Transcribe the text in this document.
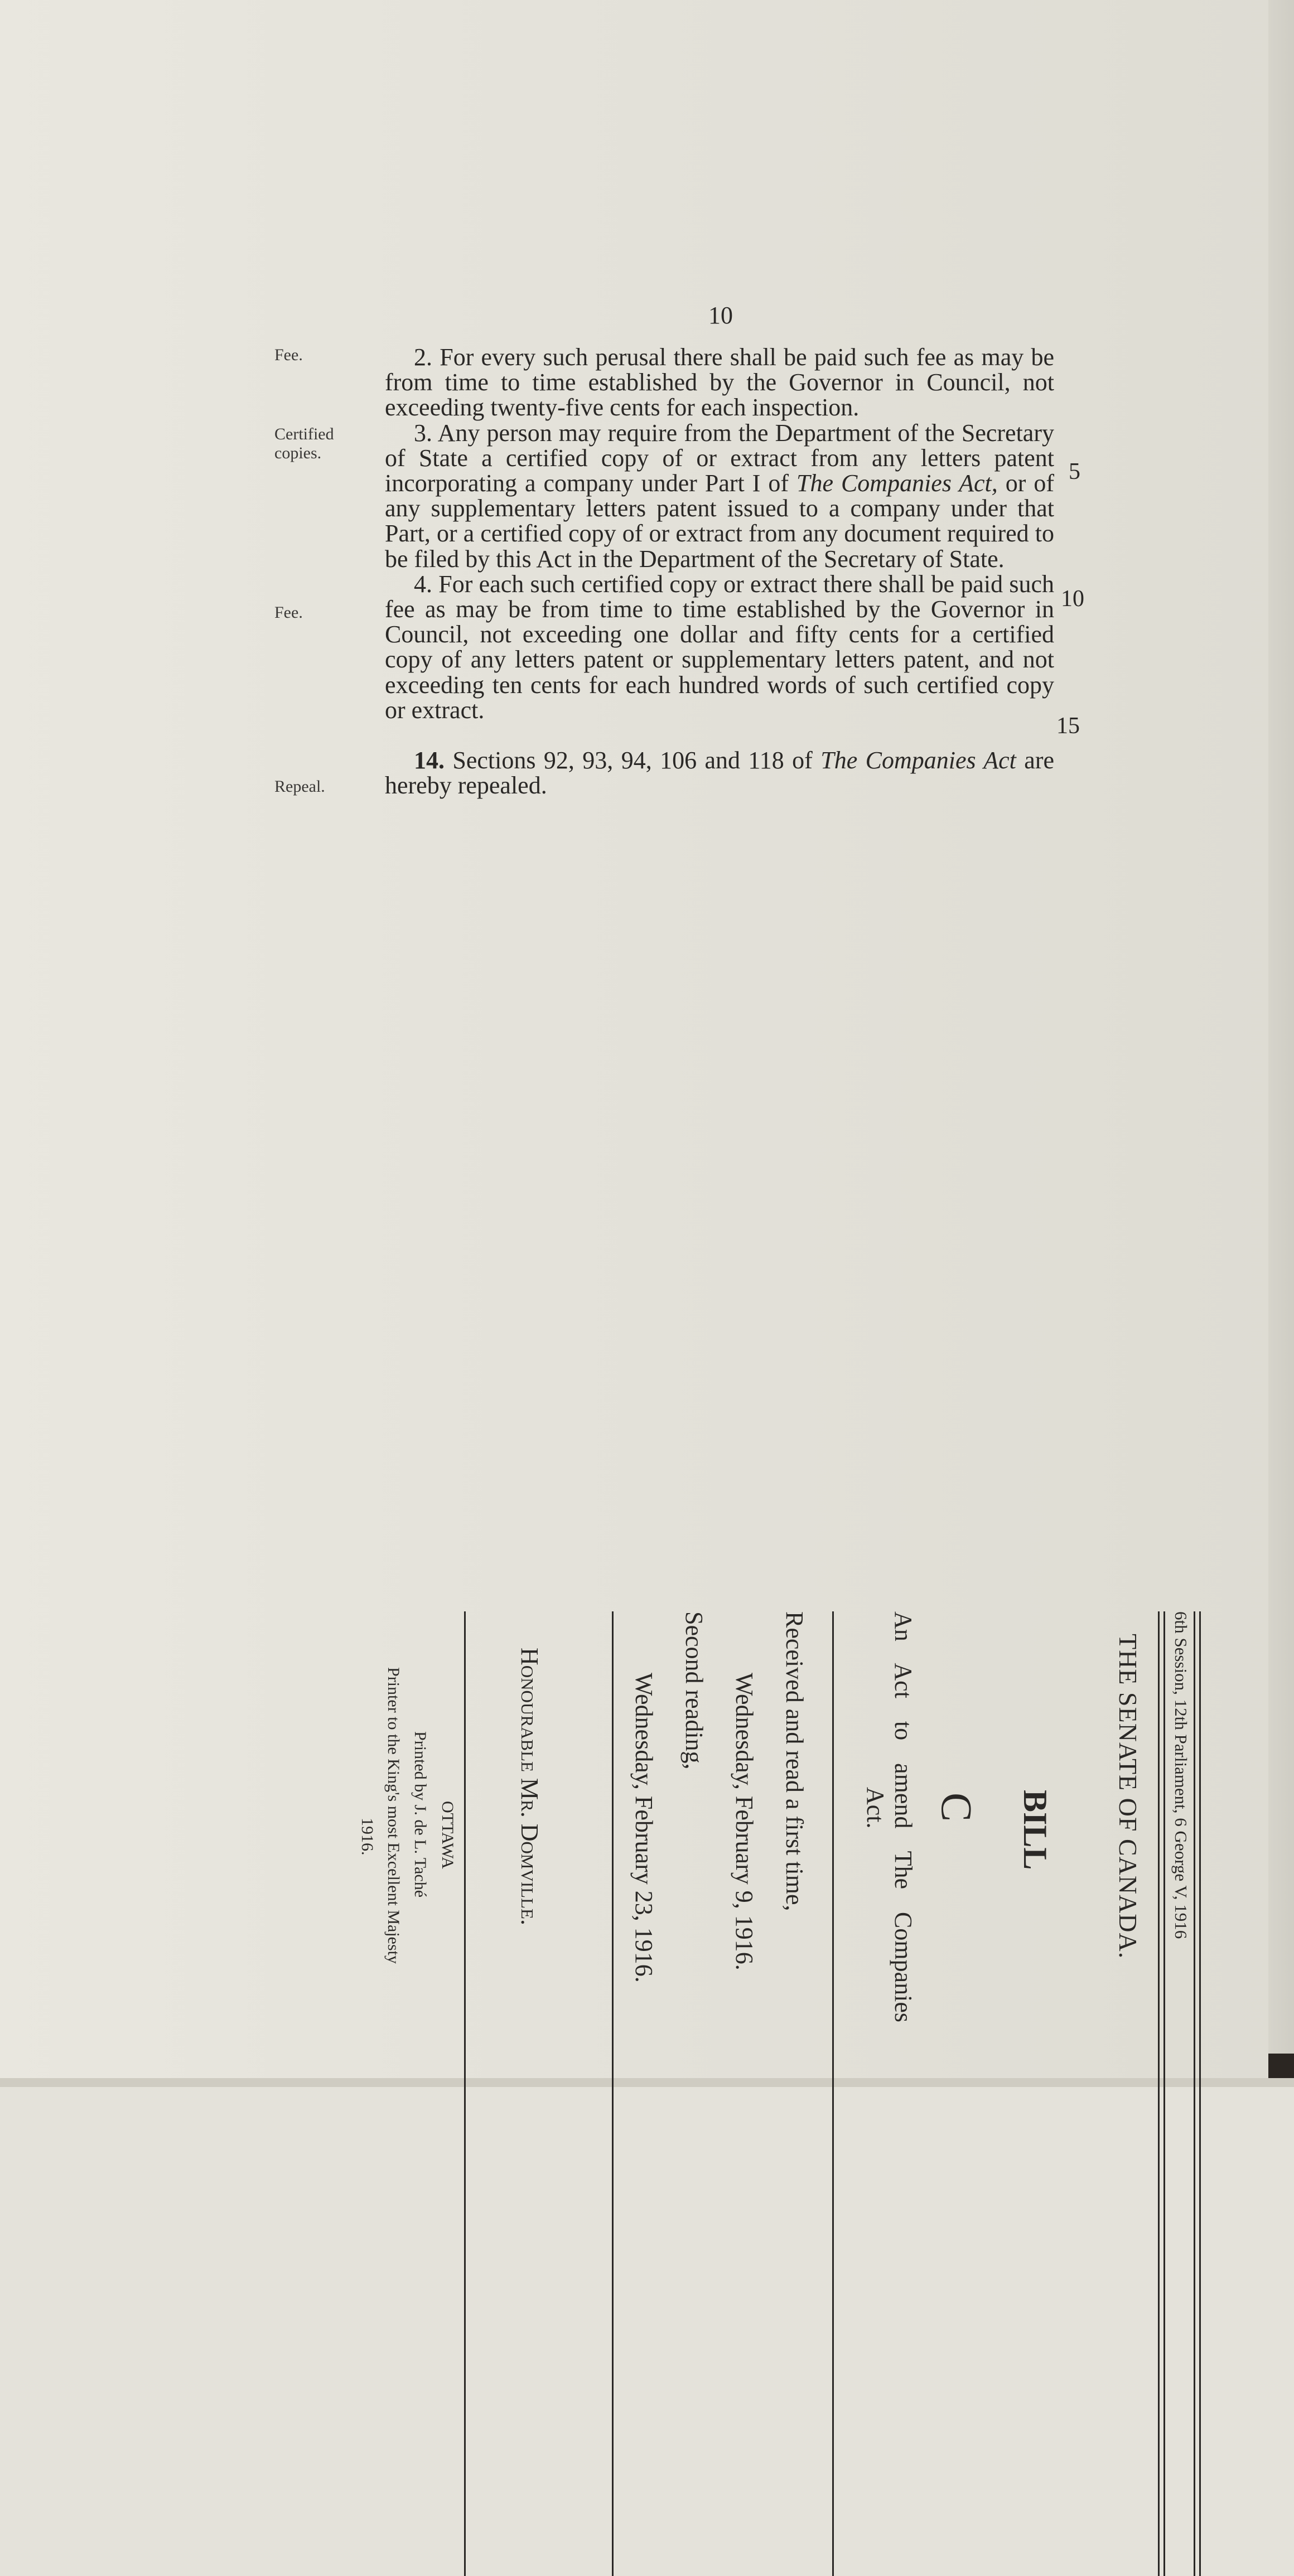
10
Fee.
Certified copies.
Fee.
Repeal.

2. For every such perusal there shall be paid such fee as may be from time to time established by the Governor in Council, not exceeding twenty-five cents for each inspection.

3. Any person may require from the Department of the Secretary of State a certified copy of or extract from any letters patent incorporating a company under Part I of The Companies Act, or of any supplementary letters patent issued to a company under that Part, or a certified copy of or extract from any document required to be filed by this Act in the Department of the Secretary of State.

4. For each such certified copy or extract there shall be paid such fee as may be from time to time established by the Governor in Council, not exceeding one dollar and fifty cents for a certified copy of any letters patent or supplementary letters patent, and not exceeding ten cents for each hundred words of such certified copy or extract.

14. Sections 92, 93, 94, 106 and 118 of The Companies Act are hereby repealed.

5
10
15
6th Session, 12th Parliament, 6 George V, 1916
THE SENATE OF CANADA.
BILL
C
An Act to amend The Companies
Act.
Received and read a first time,
Wednesday, February 9, 1916.
Second reading,
Wednesday, February 23, 1916.
Honourable Mr. Domville.
OTTAWA
Printed by J. de L. Taché
Printer to the King's most Excellent Majesty
1916.
